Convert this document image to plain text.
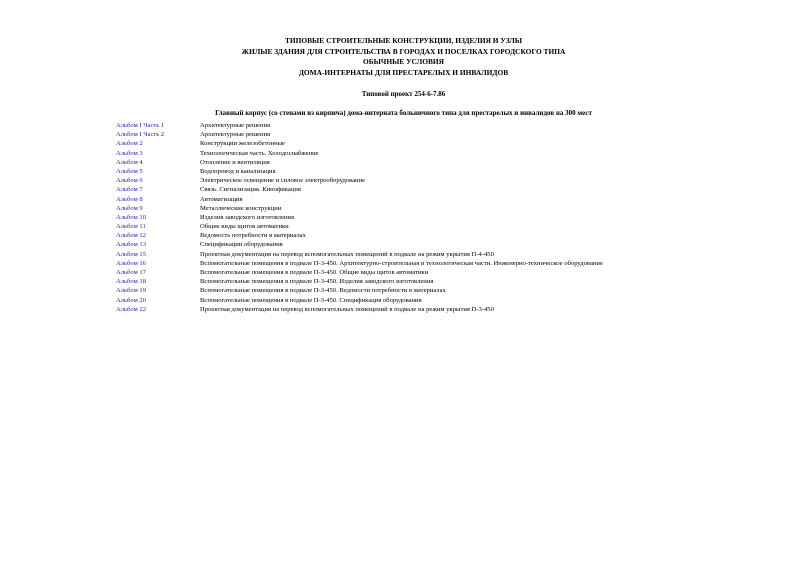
ТИПОВЫЕ СТРОИТЕЛЬНЫЕ КОНСТРУКЦИИ, ИЗДЕЛИЯ И УЗЛЫ
ЖИЛЫЕ ЗДАНИЯ ДЛЯ СТРОИТЕЛЬСТВА В ГОРОДАХ И ПОСЕЛКАХ ГОРОДСКОГО ТИПА
ОБЫЧНЫЕ УСЛОВИЯ
ДОМА-ИНТЕРНАТЫ ДЛЯ ПРЕСТАРЕЛЫХ И ИНВАЛИДОВ
Типовой проект 254-6-7.86
Главный корпус (со стенами из кирпича) дома-интерната больничного типа для престарелых и инвалидов на 300 мест
Альбом I Часть 1	Архитектурные решения
Альбом I Часть 2	Архитектурные решения
Альбом 2	Конструкции железобетонные
Альбом 3	Технологическая часть. Холодоснабжение
Альбом 4	Отопление и вентиляция
Альбом 5	Водопровод и канализация
Альбом 6	Электрическое освещение и силовое электрооборудование
Альбом 7	Связь. Сигнализация. Кинофикация
Альбом 8	Автоматизация
Альбом 9	Металлические конструкции
Альбом 10	Изделия заводского изготовления
Альбом 11	Общие виды щитов автоматики
Альбом 12	Ведомость потребности в материалах
Альбом 13	Спецификации оборудования
Альбом 15	Проектная документация на перевод вспомогательных помещений в подвале на режим укрытия П-4-450
Альбом 16	Вспомогательные помещения в подвале П-3-450. Архитектурно-строительная и технологическая части. Инженерно-техническое оборудование
Альбом 17	Вспомогательные помещения в подвале П-3-450. Общие виды щитов автоматики
Альбом 18	Вспомогательные помещения в подвале П-3-450. Изделия заводского изготовления
Альбом 19	Вспомогательные помещения в подвале П-3-450. Ведомости потребности в материалах
Альбом 20	Вспомогательные помещения в подвале П-3-450. Спецификация оборудования
Альбом 22	Проектная документация на перевод вспомогательных помещений в подвале на режим укрытия П-3-450
